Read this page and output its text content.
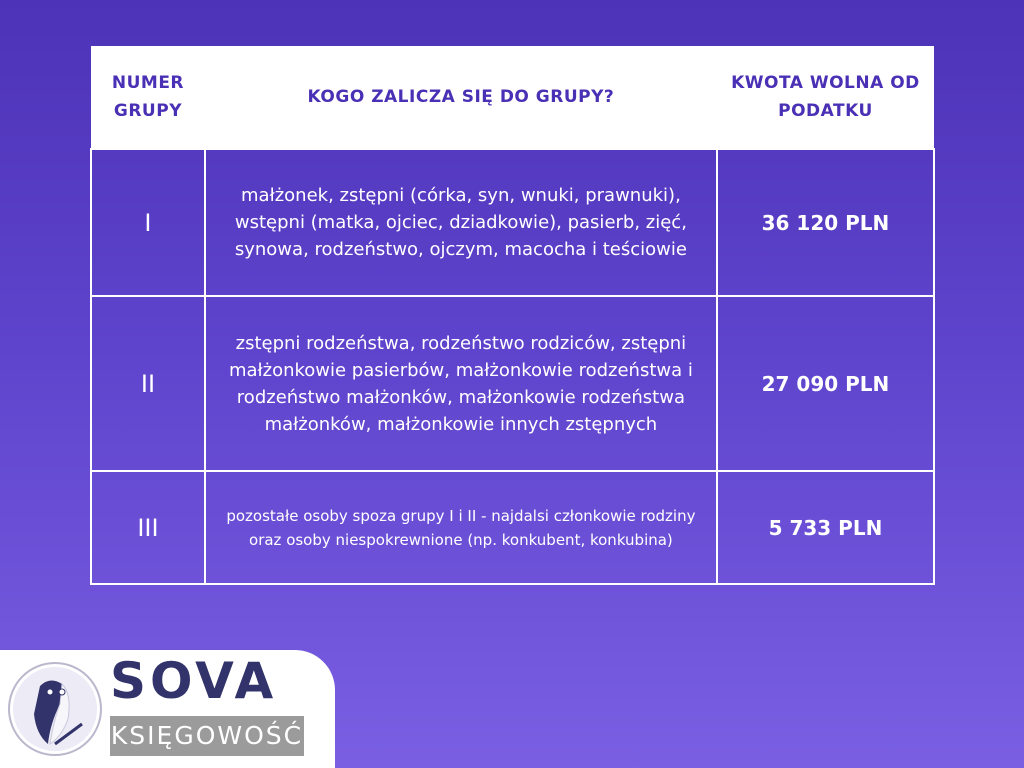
NUMER GRUPY	KOGO ZALICZA SIĘ DO GRUPY?	KWOTA WOLNA OD PODATKU
I	małżonek, zstępni (córka, syn, wnuki, prawnuki), wstępni (matka, ojciec, dziadkowie), pasierb, zięć, synowa, rodzeństwo, ojczym, macocha i teściowie	36 120 PLN
II	zstępni rodzeństwa, rodzeństwo rodziców, zstępni małżonkowie pasierbów, małżonkowie rodzeństwa i rodzeństwo małżonków, małżonkowie rodzeństwa małżonków, małżonkowie innych zstępnych	27 090 PLN
III	pozostałe osoby spoza grupy I i II - najdalsi członkowie rodziny oraz osoby niespokrewnione (np. konkubent, konkubina)	5 733 PLN
SOVA
KSIĘGOWOŚĆ
